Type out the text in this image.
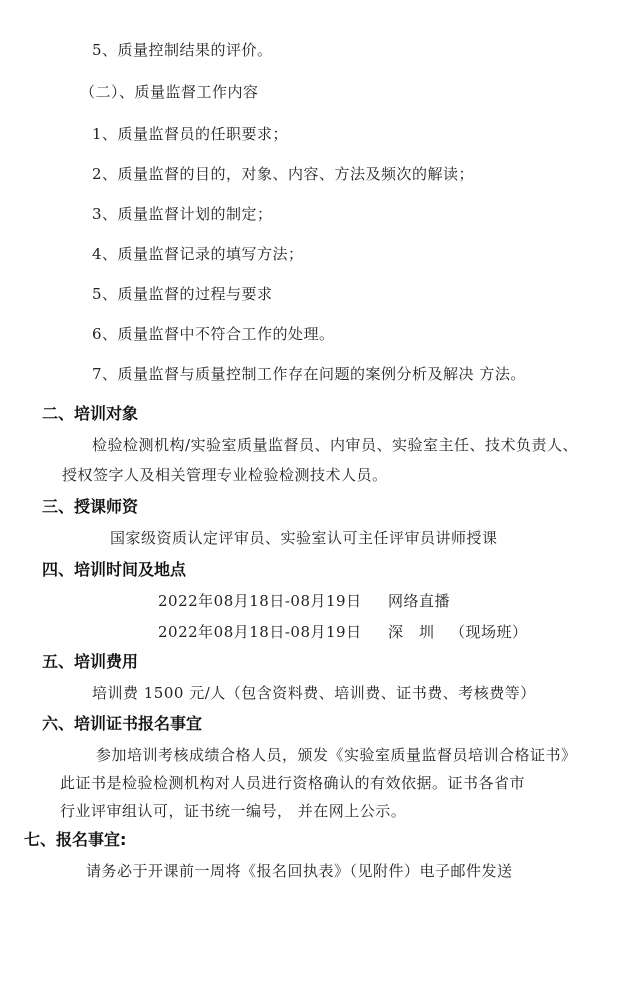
5、质量控制结果的评价。
（二）、质量监督工作内容
1、质量监督员的任职要求；
2、质量监督的目的，对象、内容、方法及频次的解读；
3、质量监督计划的制定；
4、质量监督记录的填写方法；
5、质量监督的过程与要求
6、质量监督中不符合工作的处理。
7、质量监督与质量控制工作存在问题的案例分析及解决 方法。
二、培训对象
检验检测机构/实验室质量监督员、内审员、实验室主任、技术负责人、
授权签字人及相关管理专业检验检测技术人员。
三、授课师资
国家级资质认定评审员、实验室认可主任评审员讲师授课
四、培训时间及地点
2022年08月18日-08月19日 网络直播
2022年08月18日-08月19日 深　圳 （现场班）
五、培训费用
培训费 1500 元/人（包含资料费、培训费、证书费、考核费等）
六、培训证书报名事宜
参加培训考核成绩合格人员，颁发《实验室质量监督员培训合格证书》
此证书是检验检测机构对人员进行资格确认的有效依据。证书各省市
行业评审组认可，证书统一编号， 并在网上公示。
七、报名事宜:
请务必于开课前一周将《报名回执表》（见附件）电子邮件发送
